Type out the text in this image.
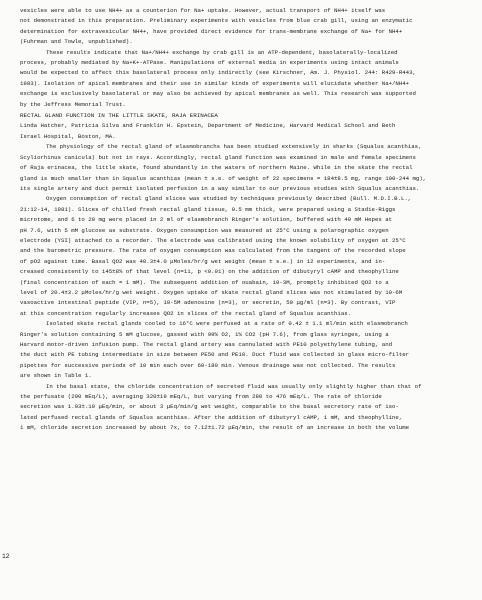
vesicles were able to use NH4+ as a counterion for Na+ uptake. However, actual transport of NH4+ itself was

not demonstrated in this preparation. Preliminary experiments with vesicles from blue crab gill, using an enzymatic

determination for extravesicular NH4+, have provided direct evidence for trans-membrane exchange of Na+ for NH4+

(Fuhrman and Towle, unpublished).

These results indicate that Na+/NH4+ exchange by crab gill is an ATP-dependent, basolaterally-localized

process, probably mediated by Na+K+-ATPase. Manipulations of external media in experiments using intact animals

would be expected to affect this basolateral process only indirectly (see Kirschner, Am. J. Physiol. 244: R429-R443,

1983). Isolation of apical membranes and their use in similar kinds of experiments will elucidate whether Na+/NH4+

exchange is exclusively basolateral or may also be achieved by apical membranes as well. This research was supported

by the Jeffress Memorial Trust.

RECTAL GLAND FUNCTION IN THE LITTLE SKATE, RAJA ERINACEA

Linda Hatcher, Patricia Silva and Franklin H. Epstein, Department of Medicine, Harvard Medical School and Beth

Israel Hospital, Boston, MA.

The physiology of the rectal gland of elasmobranchs has been studied extensively in sharks (Squalus acanthias,

Scyliorhinus canicula) but not in rays. Accordingly, rectal gland function was examined in male and female specimens

of Raja erinacea, the little skate, found abundantly in the waters of northern Maine. While in the skate the rectal

gland is much smaller than in Squalus acanthias (mean ± s.e. of weight of 22 specimens = 184±8.5 mg, range 100-244 mg),

its single artery and duct permit isolated perfusion in a way similar to our previous studies with Squalus acanthias.

Oxygen consumption of rectal gland slices was studied by techniques previously described (Bull. M.D.I.B.L.,

21:12-14, 1981). Slices of chilled fresh rectal gland tissue, 0.5 mm thick, were prepared using a Stadie-Riggs

microtome, and 6 to 20 mg were placed in 2 ml of elasmobranch Ringer's solution, buffered with 40 mM Hepes at

pH 7.6, with 5 mM glucose as substrate. Oxygen consumption was measured at 25°C using a polarographic oxygen

electrode (YSI) attached to a recorder. The electrode was calibrated using the known solubility of oxygen at 25°C

and the barometric pressure. The rate of oxygen consumption was calculated from the tangent of the recorded slope

of pO2 against time. Basal QO2 was 40.3±4.0 μMoles/hr/g wet weight (mean ± s.e.) in 12 experiments, and in-

creased consistently to 145±8% of that level (n=11, p <0.01) on the addition of dibutyryl cAMP and theophylline

(final concentration of each = 1 mM). The subsequent addition of ouabain, 10-3M, promptly inhibited QO2 to a

level of 20.4±3.2 μMoles/hr/g wet weight. Oxygen uptake of skate rectal gland slices was not stimulated by 10-6M

vasoactive intestinal peptide (VIP, n=5), 10-5M adenosine (n=3), or secretin, 50 μg/ml (n=3). By contrast, VIP

at this concentration regularly increases QO2 in slices of the rectal gland of Squalus acanthias.

Isolated skate rectal glands cooled to 16°C were perfused at a rate of 0.42 ± 1.1 ml/min with elasmobranch

Ringer's solution containing 5 mM glucose, gassed with 99% O2, 1% CO2 (pH 7.6), from glass syringes, using a

Harvard motor-driven infusion pump. The rectal gland artery was cannulated with PE10 polyethylene tubing, and

the duct with PE tubing intermediate in size between PE50 and PE10. Duct fluid was collected in glass micro-filter

pipettes for successive periods of 10 min each over 60-180 min. Venous drainage was not collected. The results

are shown in Table 1.

In the basal state, the chloride concentration of secreted fluid was usually only slightly higher than that of

the perfusate (290 mEq/L), averaging 320±19 mEq/L, but varying from 280 to 476 mEq/L. The rate of chloride

secretion was 1.03±.19 μEq/min, or about 3 μEq/min/g wet weight, comparable to the basal secretory rate of iso-

lated perfused rectal glands of Squalus acanthias. After the addition of dibutyryl cAMP, 1 mM, and theophylline,

1 mM, chloride secretion increased by about 7x, to 7.12±1.72 μEq/min, the result of an increase in both the volume

12
